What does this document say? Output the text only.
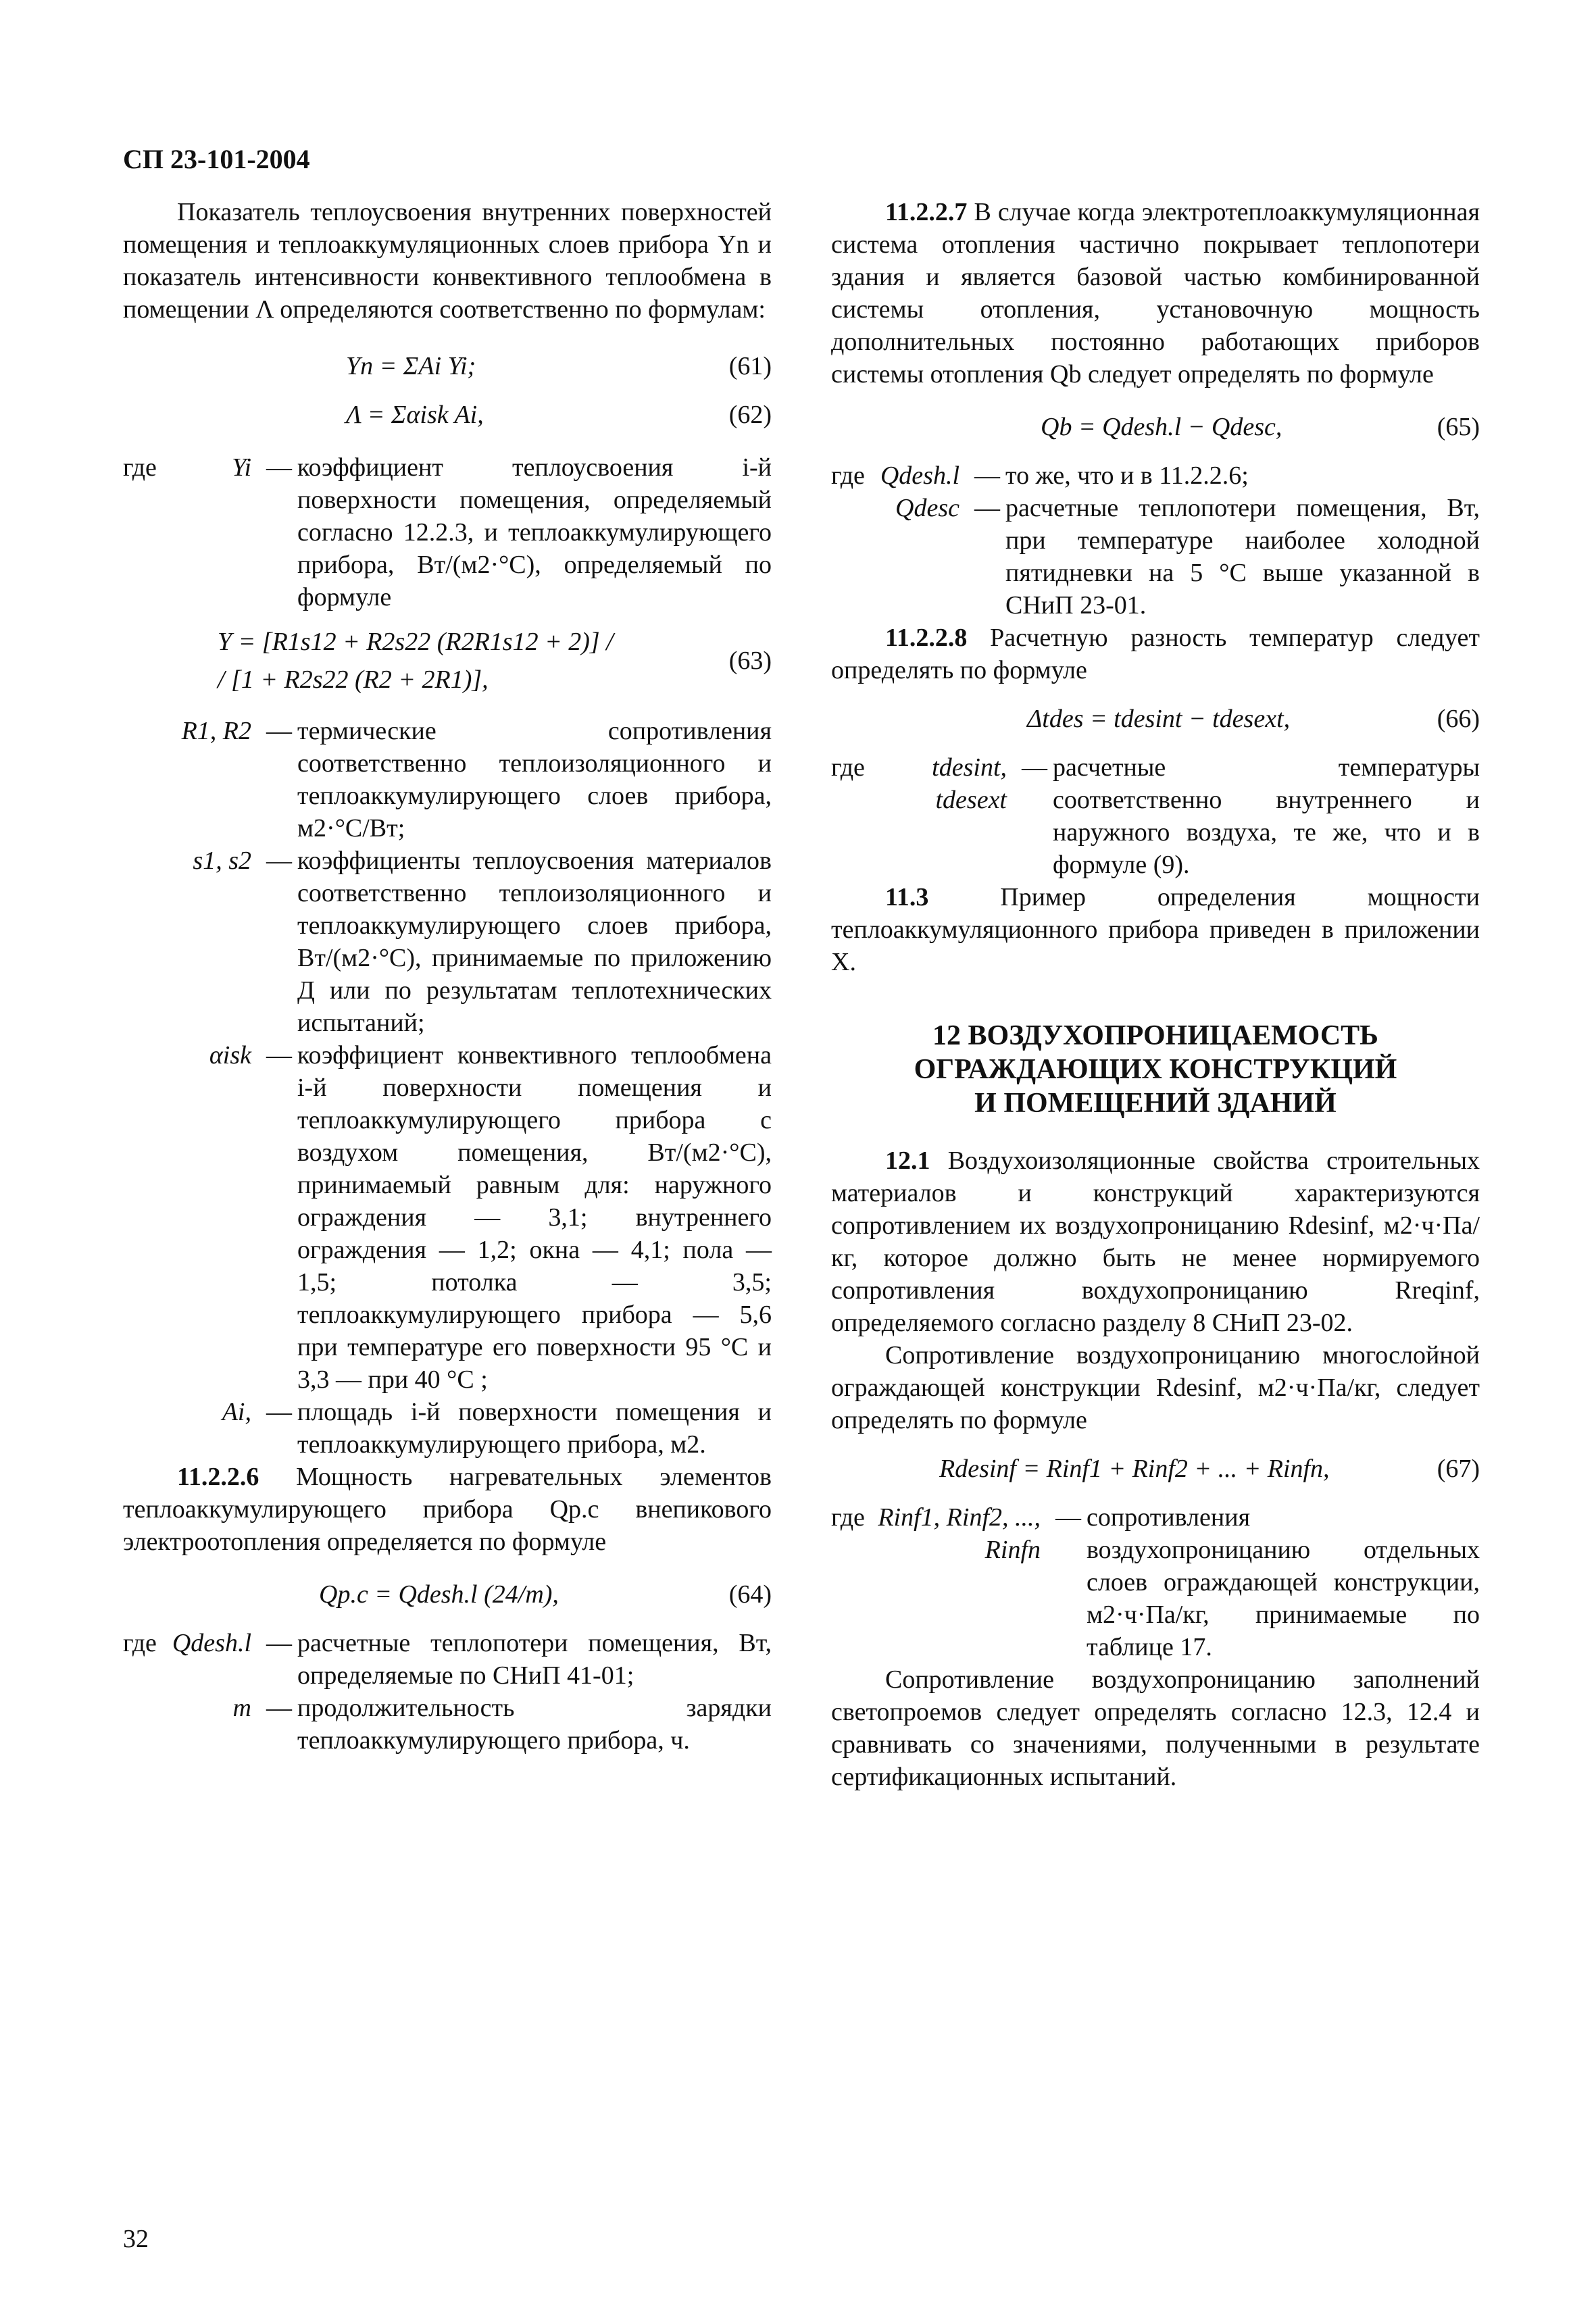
СП 23-101-2004

Показатель теплоусвоения внутренних поверхностей помещения и теплоаккумуляционных слоев прибора Yn и показатель интенсивности конвективного теплообмена в помещении Λ определяются соответственно по формулам:

Yn = ΣAi Yi;	(61)
Λ = Σαisk Ai,	(62)
где	Yi — коэффициент теплоусвоения i-й поверхности помещения, определяемый согласно 12.2.3, и теплоаккумулирующего прибора, Вт/(м2·°С), определяемый по формуле
Y = [R1s12 + R2s22 (R2R1s12 + 2)] /
/ [1 + R2s22 (R2 + 2R1)],
(63)
R1, R2 — термические сопротивления соответственно теплоизоляционного и теплоаккумулирующего слоев прибора, м2·°С/Вт;
s1, s2 — коэффициенты теплоусвоения материалов соответственно теплоизоляционного и теплоаккумулирующего слоев прибора, Вт/(м2·°С), принимаемые по приложению Д или по результатам теплотехнических испытаний;
αisk — коэффициент конвективного теплообмена i-й поверхности помещения и теплоаккумулирующего прибора с воздухом помещения, Вт/(м2·°С), принимаемый равным для: наружного ограждения — 3,1; внутреннего ограждения — 1,2; окна — 4,1; пола — 1,5; потолка — 3,5; теплоаккумулирующего прибора — 5,6 при температуре его поверхности 95 °С и 3,3 — при 40 °С ;
Ai, — площадь i-й поверхности помещения и теплоаккумулирующего прибора, м2.

11.2.2.6 Мощность нагревательных элементов теплоаккумулирующего прибора Qp.c внепикового электроотопления определяется по формуле

Qp.c = Qdesh.l (24/m),	(64)
где Qdesh.l — расчетные теплопотери помещения, Вт, определяемые по СНиП 41-01;
m — продолжительность зарядки теплоаккумулирующего прибора, ч.

11.2.2.7 В случае когда электротеплоаккумуляционная система отопления частично покрывает теплопотери здания и является базовой частью комбинированной системы отопления, установочную мощность дополнительных постоянно работающих приборов системы отопления Qb следует определять по формуле

Qb = Qdesh.l − Qdesc,	(65)
где Qdesh.l — то же, что и в 11.2.2.6;
Qdesc — расчетные теплопотери помещения, Вт, при температуре наиболее холодной пятидневки на 5 °С выше указанной в СНиП 23-01.

11.2.2.8 Расчетную разность температур следует определять по формуле

Δtdes = tdesint − tdesext,	(66)
где	tdesint, tdesext
— расчетные температуры соответственно внутреннего и наружного воздуха, те же, что и в формуле (9).

11.3 Пример определения мощности теплоаккумуляционного прибора приведен в приложении Х.

12 ВОЗДУХОПРОНИЦАЕМОСТЬ
ОГРАЖДАЮЩИХ КОНСТРУКЦИЙ
И ПОМЕЩЕНИЙ ЗДАНИЙ

12.1 Воздухоизоляционные свойства строительных материалов и конструкций характеризуются сопротивлением их воздухопроницанию Rdesinf, м2·ч·Па/кг, которое должно быть не менее нормируемого сопротивления вохдухопроницанию Rreqinf, определяемого согласно разделу 8 СНиП 23-02.

Сопротивление воздухопроницанию многослойной ограждающей конструкции Rdesinf, м2·ч·Па/кг, следует определять по формуле

Rdesinf = Rinf1 + Rinf2 + ... + Rinfn,	(67)
где Rinf1, Rinf2, ..., Rinfn
— сопротивления воздухопроницанию отдельных слоев ограждающей конструкции, м2·ч·Па/кг, принимаемые по таблице 17.

Сопротивление воздухопроницанию заполнений светопроемов следует определять согласно 12.3, 12.4 и сравнивать со значениями, полученными в результате сертификационных испытаний.

32
